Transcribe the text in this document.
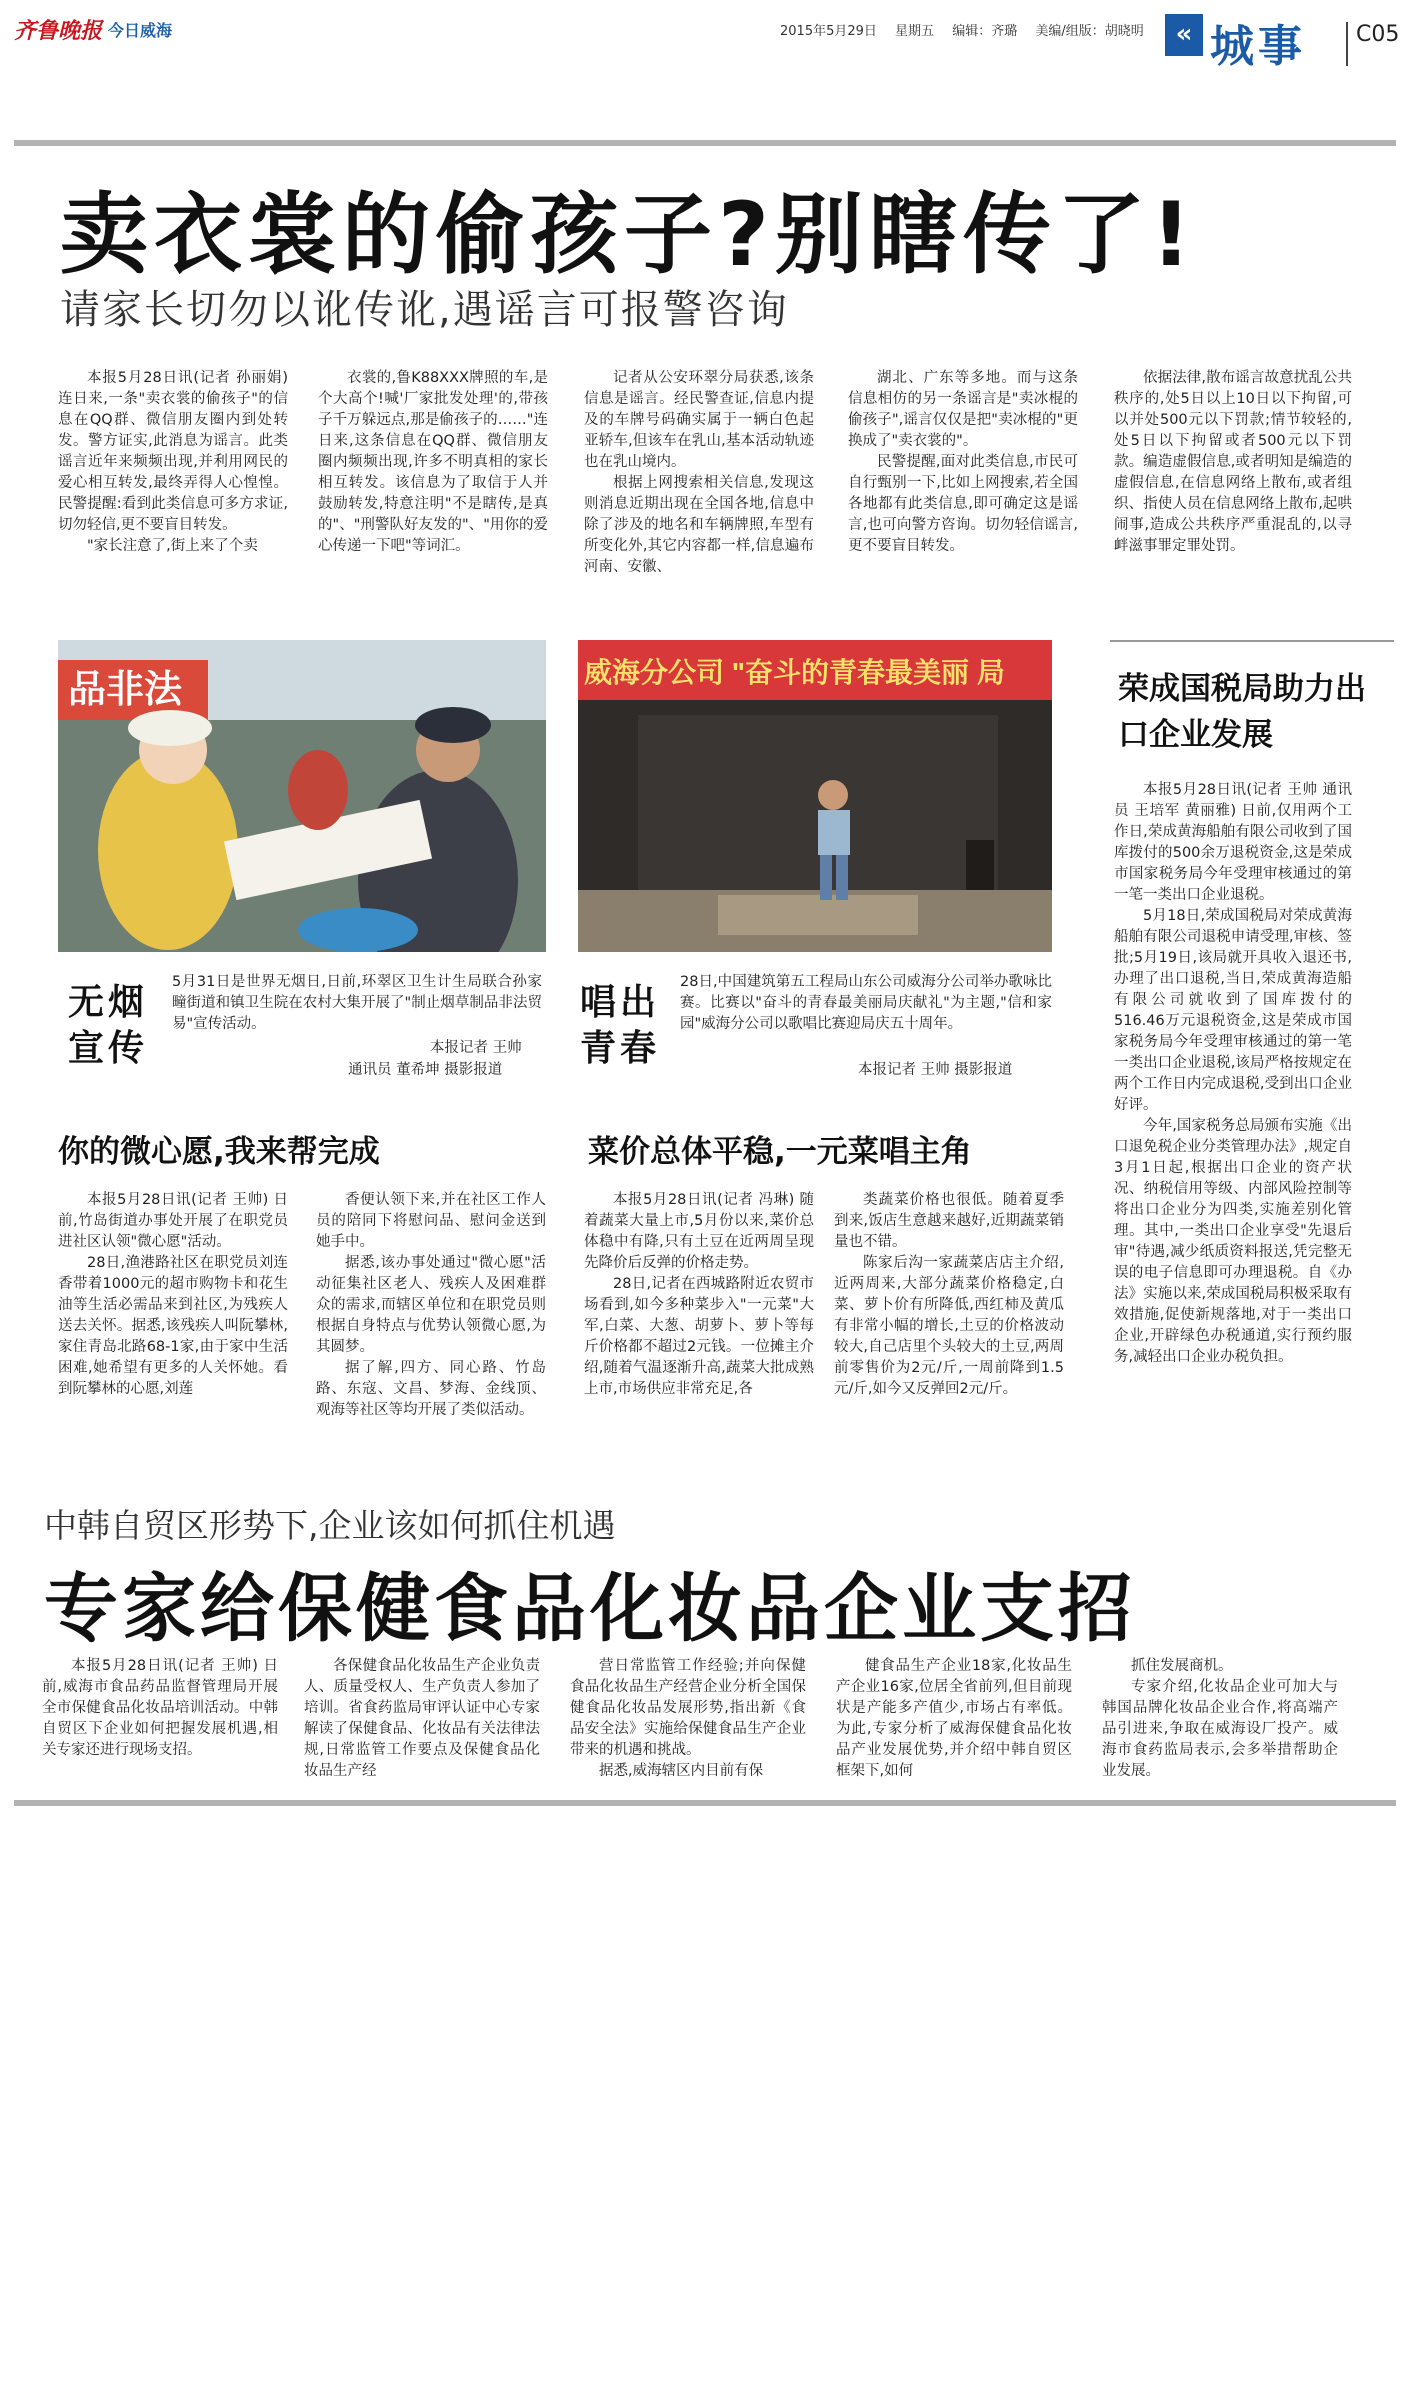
齐鲁晚报 今日威海	2015年5月29日 星期五 编辑：齐璐 美编/组版：胡晓明	« 城事	C05
卖衣裳的偷孩子?别瞎传了!
请家长切勿以讹传讹,遇谣言可报警咨询

本报5月28日讯(记者 孙丽娟) 连日来,一条"卖衣裳的偷孩子"的信息在QQ群、微信朋友圈内到处转发。警方证实,此消息为谣言。此类谣言近年来频频出现,并利用网民的爱心相互转发,最终弄得人心惶惶。民警提醒:看到此类信息可多方求证,切勿轻信,更不要盲目转发。

"家长注意了,街上来了个卖

衣裳的,鲁K88XXX牌照的车,是个大高个!喊'厂家批发处理'的,带孩子千万躲远点,那是偷孩子的……"连日来,这条信息在QQ群、微信朋友圈内频频出现,许多不明真相的家长相互转发。该信息为了取信于人并鼓励转发,特意注明"不是瞎传,是真的"、"刑警队好友发的"、"用你的爱心传递一下吧"等词汇。

记者从公安环翠分局获悉,该条信息是谣言。经民警查证,信息内提及的车牌号码确实属于一辆白色起亚轿车,但该车在乳山,基本活动轨迹也在乳山境内。

根据上网搜索相关信息,发现这则消息近期出现在全国各地,信息中除了涉及的地名和车辆牌照,车型有所变化外,其它内容都一样,信息遍布河南、安徽、

湖北、广东等多地。而与这条信息相仿的另一条谣言是"卖冰棍的偷孩子",谣言仅仅是把"卖冰棍的"更换成了"卖衣裳的"。

民警提醒,面对此类信息,市民可自行甄别一下,比如上网搜索,若全国各地都有此类信息,即可确定这是谣言,也可向警方咨询。切勿轻信谣言,更不要盲目转发。

依据法律,散布谣言故意扰乱公共秩序的,处5日以上10日以下拘留,可以并处500元以下罚款;情节较轻的,处5日以下拘留或者500元以下罚款。编造虚假信息,或者明知是编造的虚假信息,在信息网络上散布,或者组织、指使人员在信息网络上散布,起哄闹事,造成公共秩序严重混乱的,以寻衅滋事罪定罪处罚。

品非法
无烟宣传
5月31日是世界无烟日,日前,环翠区卫生计生局联合孙家疃街道和镇卫生院在农村大集开展了"制止烟草制品非法贸易"宣传活动。
本报记者 王帅
通讯员 董希坤 摄影报道
威海分公司 "奋斗的青春最美丽 局
唱出青春
28日,中国建筑第五工程局山东公司威海分公司举办歌咏比赛。比赛以"奋斗的青春最美丽局庆献礼"为主题,"信和家园"威海分公司以歌唱比赛迎局庆五十周年。
本报记者 王帅 摄影报道
荣成国税局助力出口企业发展

本报5月28日讯(记者 王帅 通讯员 王培军 黄丽雅) 日前,仅用两个工作日,荣成黄海船舶有限公司收到了国库拨付的500余万退税资金,这是荣成市国家税务局今年受理审核通过的第一笔一类出口企业退税。

5月18日,荣成国税局对荣成黄海船舶有限公司退税申请受理,审核、签批;5月19日,该局就开具收入退还书,办理了出口退税,当日,荣成黄海造船有限公司就收到了国库拨付的516.46万元退税资金,这是荣成市国家税务局今年受理审核通过的第一笔一类出口企业退税,该局严格按规定在两个工作日内完成退税,受到出口企业好评。

今年,国家税务总局颁布实施《出口退免税企业分类管理办法》,规定自3月1日起,根据出口企业的资产状况、纳税信用等级、内部风险控制等将出口企业分为四类,实施差别化管理。其中,一类出口企业享受"先退后审"待遇,减少纸质资料报送,凭完整无误的电子信息即可办理退税。自《办法》实施以来,荣成国税局积极采取有效措施,促使新规落地,对于一类出口企业,开辟绿色办税通道,实行预约服务,减轻出口企业办税负担。

你的微心愿,我来帮完成

本报5月28日讯(记者 王帅) 日前,竹岛街道办事处开展了在职党员进社区认领"微心愿"活动。

28日,渔港路社区在职党员刘连香带着1000元的超市购物卡和花生油等生活必需品来到社区,为残疾人送去关怀。据悉,该残疾人叫阮攀林,家住青岛北路68-1家,由于家中生活困难,她希望有更多的人关怀她。看到阮攀林的心愿,刘莲

香便认领下来,并在社区工作人员的陪同下将慰问品、慰问金送到她手中。

据悉,该办事处通过"微心愿"活动征集社区老人、残疾人及困难群众的需求,而辖区单位和在职党员则根据自身特点与优势认领微心愿,为其圆梦。

据了解,四方、同心路、竹岛路、东寇、文昌、梦海、金线顶、观海等社区等均开展了类似活动。

菜价总体平稳,一元菜唱主角

本报5月28日讯(记者 冯琳) 随着蔬菜大量上市,5月份以来,菜价总体稳中有降,只有土豆在近两周呈现先降价后反弹的价格走势。

28日,记者在西城路附近农贸市场看到,如今多种菜步入"一元菜"大军,白菜、大葱、胡萝卜、萝卜等每斤价格都不超过2元钱。一位摊主介绍,随着气温逐渐升高,蔬菜大批成熟上市,市场供应非常充足,各

类蔬菜价格也很低。随着夏季到来,饭店生意越来越好,近期蔬菜销量也不错。

陈家后沟一家蔬菜店店主介绍,近两周来,大部分蔬菜价格稳定,白菜、萝卜价有所降低,西红柿及黄瓜有非常小幅的增长,土豆的价格波动较大,自己店里个头较大的土豆,两周前零售价为2元/斤,一周前降到1.5元/斤,如今又反弹回2元/斤。

中韩自贸区形势下,企业该如何抓住机遇
专家给保健食品化妆品企业支招

本报5月28日讯(记者 王帅) 日前,威海市食品药品监督管理局开展全市保健食品化妆品培训活动。中韩自贸区下企业如何把握发展机遇,相关专家还进行现场支招。

各保健食品化妆品生产企业负责人、质量受权人、生产负责人参加了培训。省食药监局审评认证中心专家解读了保健食品、化妆品有关法律法规,日常监管工作要点及保健食品化妆品生产经

营日常监管工作经验;并向保健食品化妆品生产经营企业分析全国保健食品化妆品发展形势,指出新《食品安全法》实施给保健食品生产企业带来的机遇和挑战。

据悉,威海辖区内目前有保

健食品生产企业18家,化妆品生产企业16家,位居全省前列,但目前现状是产能多产值少,市场占有率低。为此,专家分析了威海保健食品化妆品产业发展优势,并介绍中韩自贸区框架下,如何

抓住发展商机。

专家介绍,化妆品企业可加大与韩国品牌化妆品企业合作,将高端产品引进来,争取在威海设厂投产。威海市食药监局表示,会多举措帮助企业发展。
